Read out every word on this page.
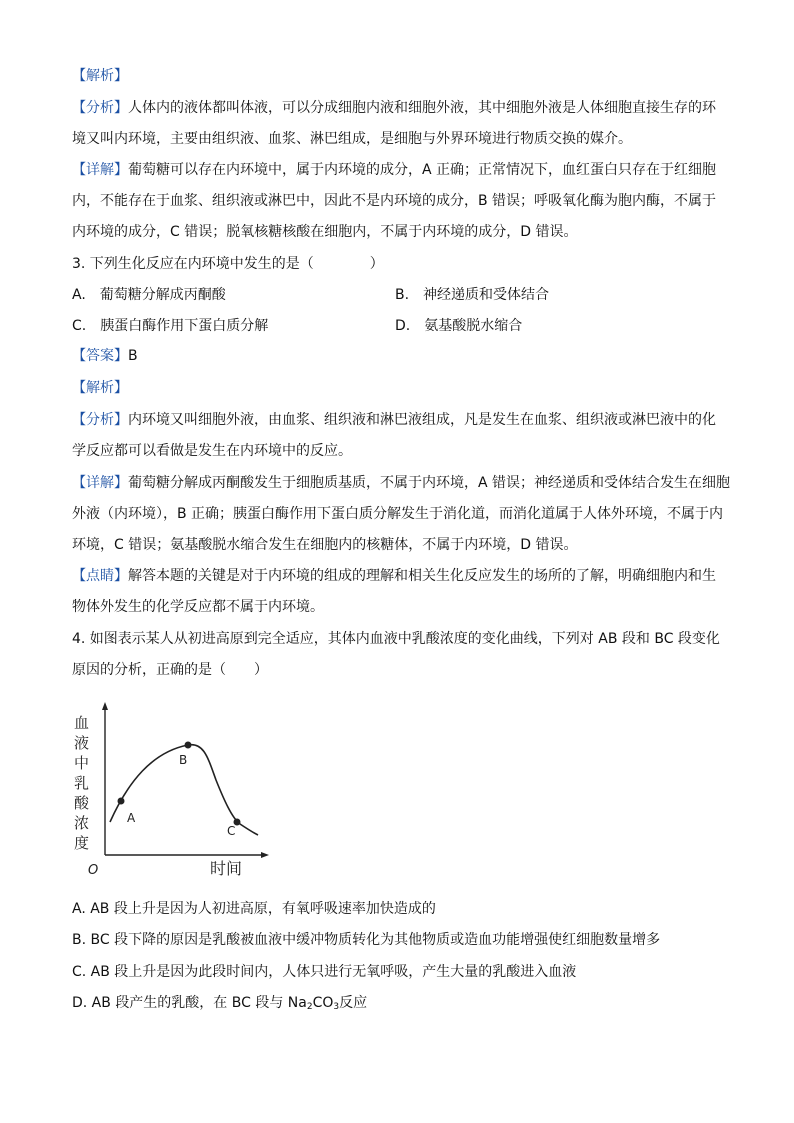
【解析】
【分析】人体内的液体都叫体液，可以分成细胞内液和细胞外液，其中细胞外液是人体细胞直接生存的环
境又叫内环境，主要由组织液、血浆、淋巴组成，是细胞与外界环境进行物质交换的媒介。
【详解】葡萄糖可以存在内环境中，属于内环境的成分，A 正确；正常情况下，血红蛋白只存在于红细胞
内，不能存在于血浆、组织液或淋巴中，因此不是内环境的成分，B 错误；呼吸氧化酶为胞内酶，不属于
内环境的成分，C 错误；脱氧核糖核酸在细胞内，不属于内环境的成分，D 错误。
3. 下列生化反应在内环境中发生的是（　　　　）
A.　葡萄糖分解成丙酮酸	B.　神经递质和受体结合
C.　胰蛋白酶作用下蛋白质分解	D.　氨基酸脱水缩合
【答案】B
【解析】
【分析】内环境又叫细胞外液，由血浆、组织液和淋巴液组成，凡是发生在血浆、组织液或淋巴液中的化
学反应都可以看做是发生在内环境中的反应。
【详解】葡萄糖分解成丙酮酸发生于细胞质基质，不属于内环境，A 错误；神经递质和受体结合发生在细胞
外液（内环境），B 正确；胰蛋白酶作用下蛋白质分解发生于消化道，而消化道属于人体外环境，不属于内
环境，C 错误；氨基酸脱水缩合发生在细胞内的核糖体，不属于内环境，D 错误。
【点睛】解答本题的关键是对于内环境的组成的理解和相关生化反应发生的场所的了解，明确细胞内和生
物体外发生的化学反应都不属于内环境。
4. 如图表示某人从初进高原到完全适应，其体内血液中乳酸浓度的变化曲线，下列对 AB 段和 BC 段变化
原因的分析，正确的是（　　）
血
液
中
乳
酸
浓
度
O	时间
A
B
C
A. AB 段上升是因为人初进高原，有氧呼吸速率加快造成的
B. BC 段下降的原因是乳酸被血液中缓冲物质转化为其他物质或造血功能增强使红细胞数量增多
C. AB 段上升是因为此段时间内，人体只进行无氧呼吸，产生大量的乳酸进入血液
D. AB 段产生的乳酸，在 BC 段与 $Na_2CO_3$反应
